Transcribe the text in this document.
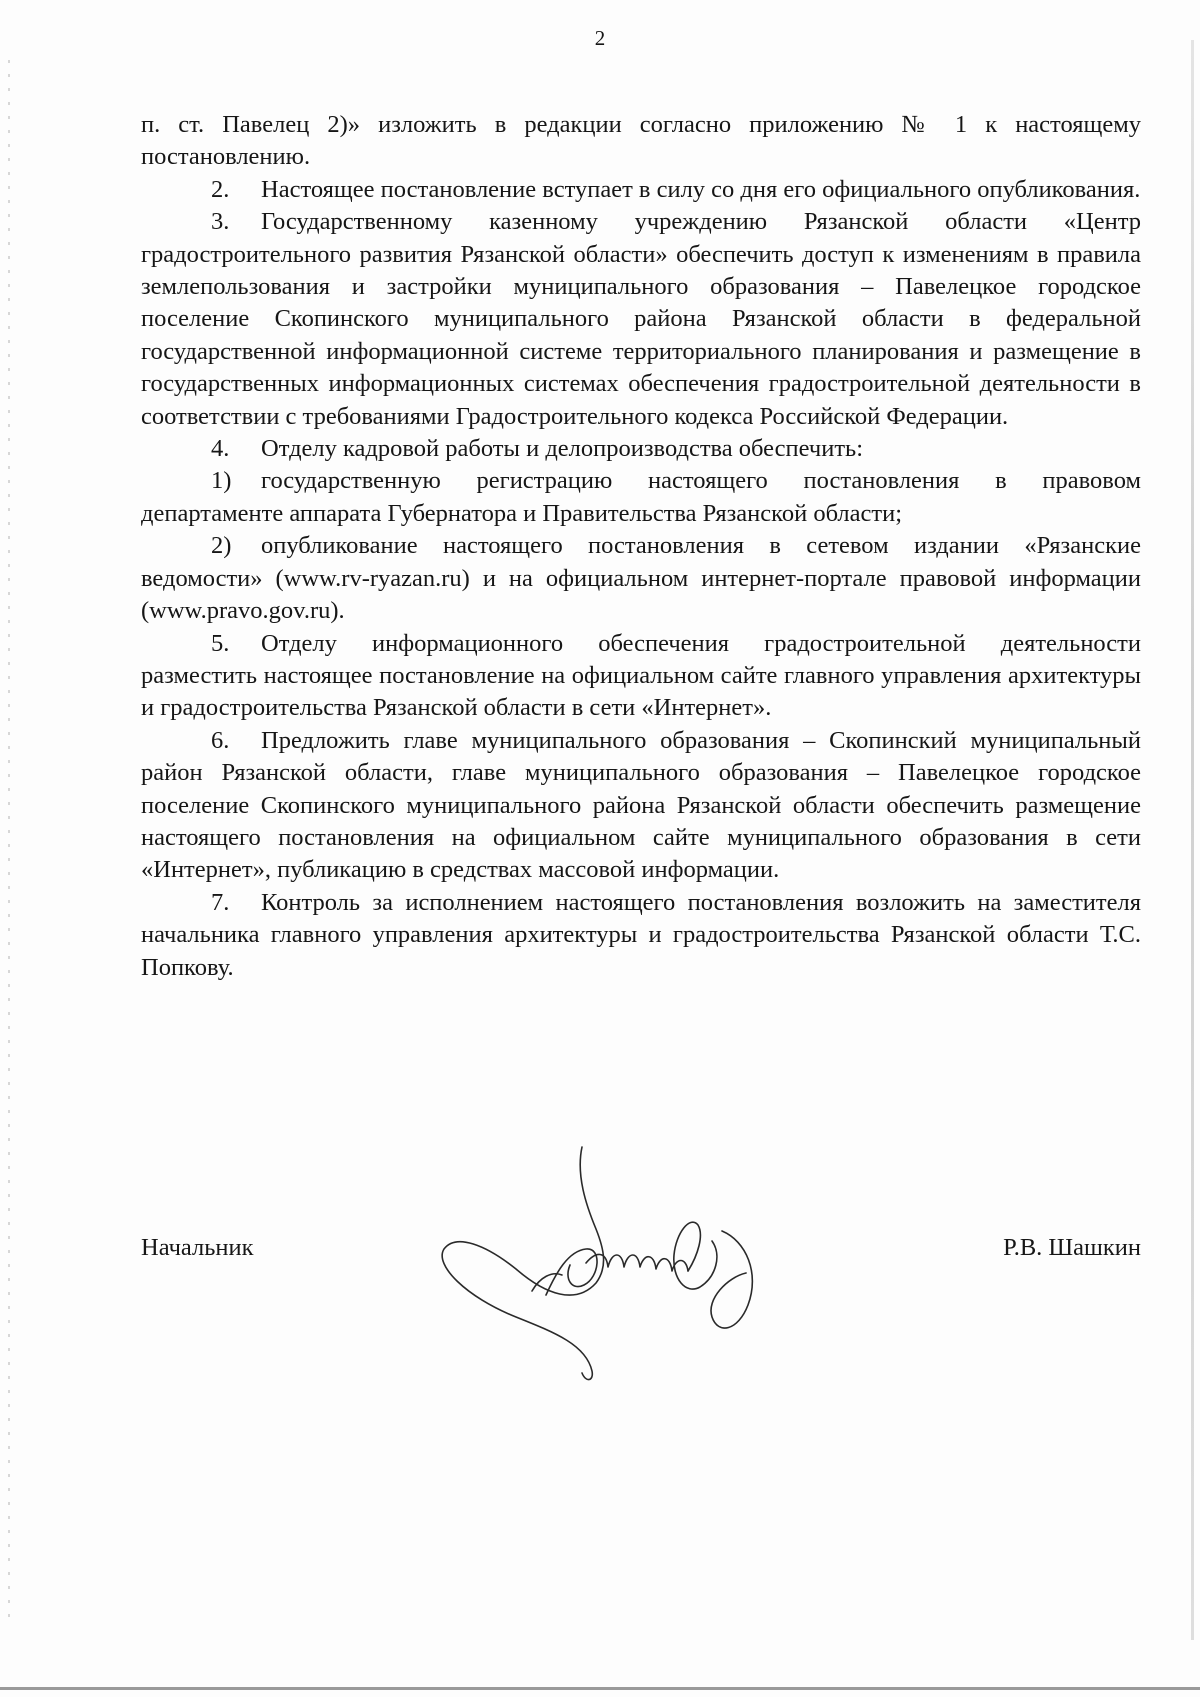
2

п. ст. Павелец 2)» изложить в редакции согласно приложению № 1 к настоящему постановлению.

2. Настоящее постановление вступает в силу со дня его официального опубликования.

3. Государственному казенному учреждению Рязанской области «Центр градостроительного развития Рязанской области» обеспечить доступ к изменениям в правила землепользования и застройки муниципального образования – Павелецкое городское поселение Скопинского муниципального района Рязанской области в федеральной государственной информационной системе территориального планирования и размещение в государственных информационных системах обеспечения градостроительной деятельности в соответствии с требованиями Градостроительного кодекса Российской Федерации.

4. Отделу кадровой работы и делопроизводства обеспечить:

1) государственную регистрацию настоящего постановления в правовом департаменте аппарата Губернатора и Правительства Рязанской области;

2) опубликование настоящего постановления в сетевом издании «Рязанские ведомости» (www.rv-ryazan.ru) и на официальном интернет-портале правовой информации (www.pravo.gov.ru).

5. Отделу информационного обеспечения градостроительной деятельности разместить настоящее постановление на официальном сайте главного управления архитектуры и градостроительства Рязанской области в сети «Интернет».

6. Предложить главе муниципального образования – Скопинский муниципальный район Рязанской области, главе муниципального образования – Павелецкое городское поселение Скопинского муниципального района Рязанской области обеспечить размещение настоящего постановления на официальном сайте муниципального образования в сети «Интернет», публикацию в средствах массовой информации.

7. Контроль за исполнением настоящего постановления возложить на заместителя начальника главного управления архитектуры и градостроительства Рязанской области Т.С. Попкову.

Начальник	Р.В. Шашкин
